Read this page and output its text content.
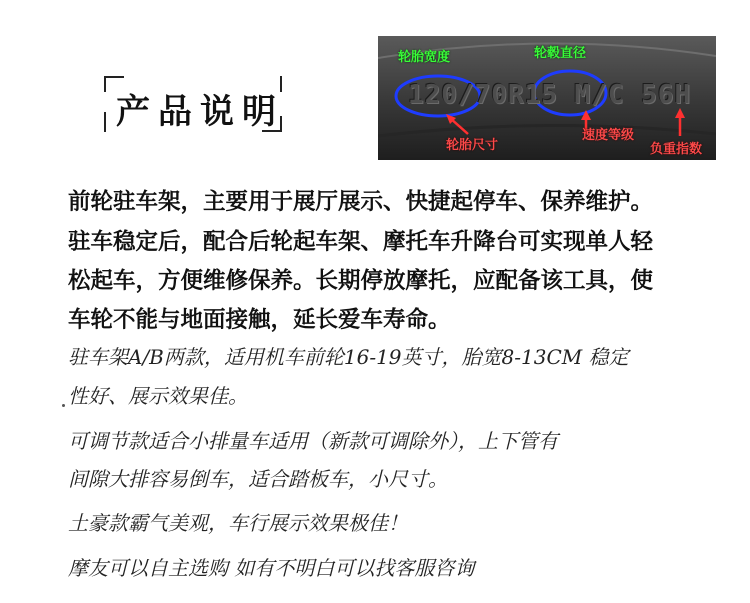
产品说明	120/70R15 M/C 56H
轮胎宽度	轮毂直径
轮胎尺寸
速度等级
负重指数
前轮驻车架，主要用于展厅展示、快捷起停车、保养维护。
驻车稳定后，配合后轮起车架、摩托车升降台可实现单人轻
松起车，方便维修保养。长期停放摩托，应配备该工具，使
车轮不能与地面接触，延长爱车寿命。
驻车架A/B两款，适用机车前轮16-19英寸，胎宽8-13CM 稳定
性好、展示效果佳。
可调节款适合小排量车适用（新款可调除外），上下管有
间隙大排容易倒车，适合踏板车，小尺寸。
土豪款霸气美观，车行展示效果极佳！
摩友可以自主选购 如有不明白可以找客服咨询
